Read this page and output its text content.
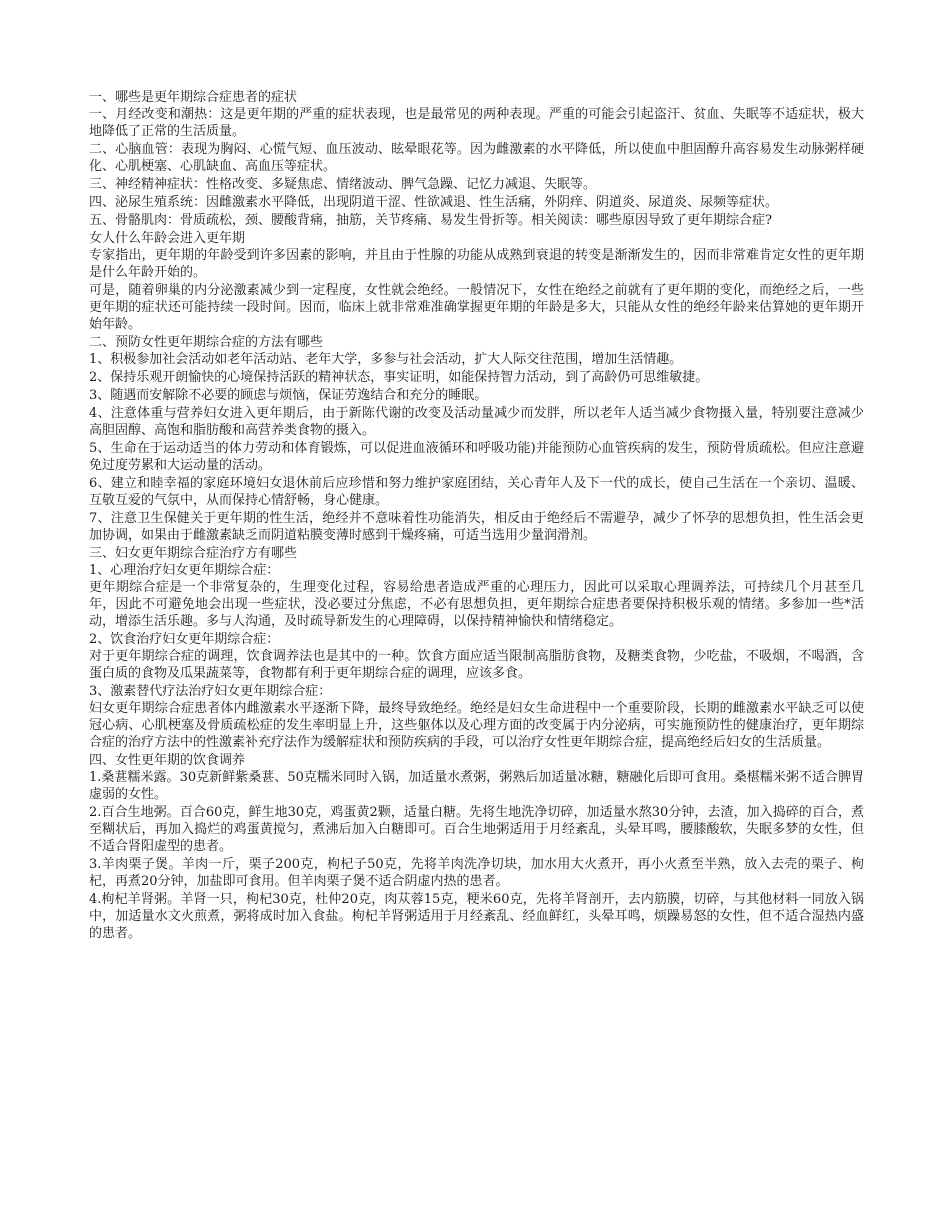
一、哪些是更年期综合症患者的症状

一、月经改变和潮热：这是更年期的严重的症状表现，也是最常见的两种表现。严重的可能会引起盗汗、贫血、失眠等不适症状，极大地降低了正常的生活质量。

二、心脑血管：表现为胸闷、心慌气短、血压波动、眩晕眼花等。因为雌激素的水平降低，所以使血中胆固醇升高容易发生动脉粥样硬化、心肌梗塞、心肌缺血、高血压等症状。

三、神经精神症状：性格改变、多疑焦虑、情绪波动、脾气急躁、记忆力减退、失眠等。

四、泌尿生殖系统：因雌激素水平降低，出现阴道干涩、性欲减退、性生活痛，外阴痒、阴道炎、尿道炎、尿频等症状。

五、骨骼肌肉：骨质疏松，颈、腰酸背痛，抽筋，关节疼痛、易发生骨折等。相关阅读：哪些原因导致了更年期综合症?

女人什么年龄会进入更年期

专家指出，更年期的年龄受到许多因素的影响，并且由于性腺的功能从成熟到衰退的转变是渐渐发生的，因而非常难肯定女性的更年期是什么年龄开始的。

可是，随着卵巢的内分泌激素减少到一定程度，女性就会绝经。一般情况下，女性在绝经之前就有了更年期的变化，而绝经之后，一些更年期的症状还可能持续一段时间。因而，临床上就非常难准确掌握更年期的年龄是多大，只能从女性的绝经年龄来估算她的更年期开始年龄。

二、预防女性更年期综合症的方法有哪些

1、积极参加社会活动如老年活动站、老年大学，多参与社会活动，扩大人际交往范围，增加生活情趣。

2、保持乐观开朗愉快的心境保持活跃的精神状态，事实证明，如能保持智力活动，到了高龄仍可思维敏捷。

3、随遇而安解除不必要的顾虑与烦恼，保证劳逸结合和充分的睡眠。

4、注意体重与营养妇女进入更年期后，由于新陈代谢的改变及活动量减少而发胖，所以老年人适当减少食物摄入量，特别要注意减少高胆固醇、高饱和脂肪酸和高营养类食物的摄入。

5、生命在于运动适当的体力劳动和体育锻炼，可以促进血液循环和呼吸功能)并能预防心血管疾病的发生，预防骨质疏松。但应注意避免过度劳累和大运动量的活动。

6、建立和睦幸福的家庭环境妇女退休前后应珍惜和努力维护家庭团结，关心青年人及下一代的成长，使自己生活在一个亲切、温暖、互敬互爱的气氛中，从而保持心情舒畅，身心健康。

7、注意卫生保健关于更年期的性生活，绝经并不意味着性功能消失，相反由于绝经后不需避孕，减少了怀孕的思想负担，性生活会更加协调，如果由于雌激素缺乏而阴道粘膜变薄时感到干燥疼痛，可适当选用少量润滑剂。

三、妇女更年期综合症治疗方有哪些

1、心理治疗妇女更年期综合症：

更年期综合症是一个非常复杂的，生理变化过程，容易给患者造成严重的心理压力，因此可以采取心理调养法，可持续几个月甚至几年，因此不可避免地会出现一些症状，没必要过分焦虑，不必有思想负担，更年期综合症患者要保持积极乐观的情绪。多参加一些*活动，增添生活乐趣。多与人沟通，及时疏导新发生的心理障碍，以保持精神愉快和情绪稳定。

2、饮食治疗妇女更年期综合症：

对于更年期综合症的调理，饮食调养法也是其中的一种。饮食方面应适当限制高脂肪食物，及糖类食物，少吃盐，不吸烟，不喝酒，含蛋白质的食物及瓜果蔬菜等，食物都有利于更年期综合症的调理，应该多食。

3、激素替代疗法治疗妇女更年期综合症：

妇女更年期综合症患者体内雌激素水平逐渐下降，最终导致绝经。绝经是妇女生命进程中一个重要阶段，长期的雌激素水平缺乏可以使冠心病、心肌梗塞及骨质疏松症的发生率明显上升，这些躯体以及心理方面的改变属于内分泌病，可实施预防性的健康治疗，更年期综合症的治疗方法中的性激素补充疗法作为缓解症状和预防疾病的手段，可以治疗女性更年期综合症，提高绝经后妇女的生活质量。

四、女性更年期的饮食调养

1.桑葚糯米露。30克新鲜紫桑葚、50克糯米同时入锅，加适量水煮粥，粥熟后加适量冰糖，糖融化后即可食用。桑椹糯米粥不适合脾胃虚弱的女性。

2.百合生地粥。百合60克，鲜生地30克，鸡蛋黄2颗，适量白糖。先将生地洗净切碎，加适量水熬30分钟，去渣，加入捣碎的百合，煮至糊状后，再加入捣烂的鸡蛋黄搅匀，煮沸后加入白糖即可。百合生地粥适用于月经紊乱，头晕耳鸣，腰膝酸软，失眠多梦的女性，但不适合肾阳虚型的患者。

3.羊肉栗子煲。羊肉一斤，栗子200克，枸杞子50克，先将羊肉洗净切块，加水用大火煮开，再小火煮至半熟，放入去壳的栗子、枸杞，再煮20分钟，加盐即可食用。但羊肉栗子煲不适合阴虚内热的患者。

4.枸杞羊肾粥。羊肾一只，枸杞30克，杜仲20克，肉苁蓉15克，粳米60克，先将羊肾剖开，去内筋膜，切碎，与其他材料一同放入锅中，加适量水文火煎煮，粥将成时加入食盐。枸杞羊肾粥适用于月经紊乱、经血鲜红，头晕耳鸣，烦躁易怒的女性，但不适合湿热内盛的患者。
